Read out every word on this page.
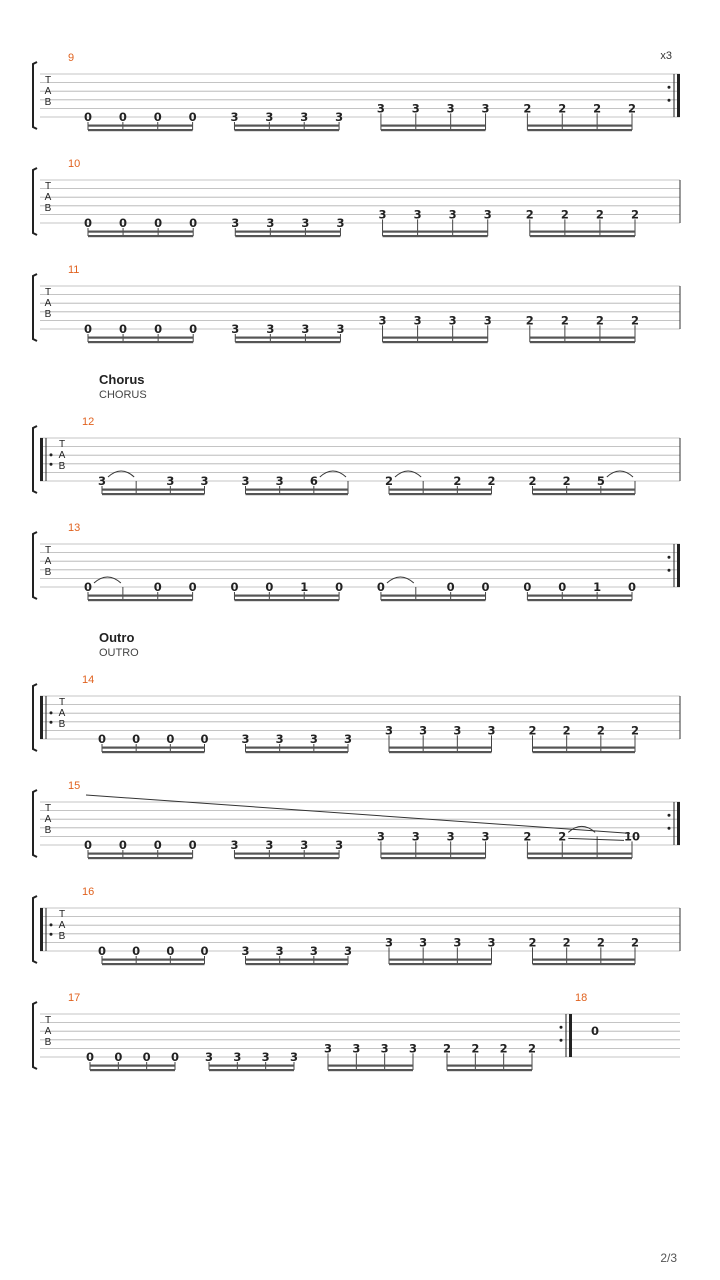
T
A
B
9	x3
0 0 0 0	3 3 3 3
3 3 3 3	2 2 2 2
T
A
B
10
0 0 0 0	3 3 3 3
3 3 3 3	2 2 2 2
T
A
B
11
0 0 0 0	3 3 3 3
3 3 3 3	2 2 2 2
T
A
B
12
3	3 3	3 3 6	2	2 2	2 2 5
T
A
B
13
0	0 0	0 0 1 0	0	0 0	0 0 1 0
T
A
B
14
0 0 0 0	3 3 3 3
3 3 3 3	2 2 2 2
T
A
B
15
0 0 0 0	3 3 3 3
3 3 3 3	2 2	10
T
A
B
16
0 0 0 0	3 3 3 3
3 3 3 3	2 2 2 2
T
A
B
17
0 0 0 0 3 3 3 3
3 3 3 3 2 2 2 2
18
0
Chorus
CHORUS
Outro
OUTRO
2/3
